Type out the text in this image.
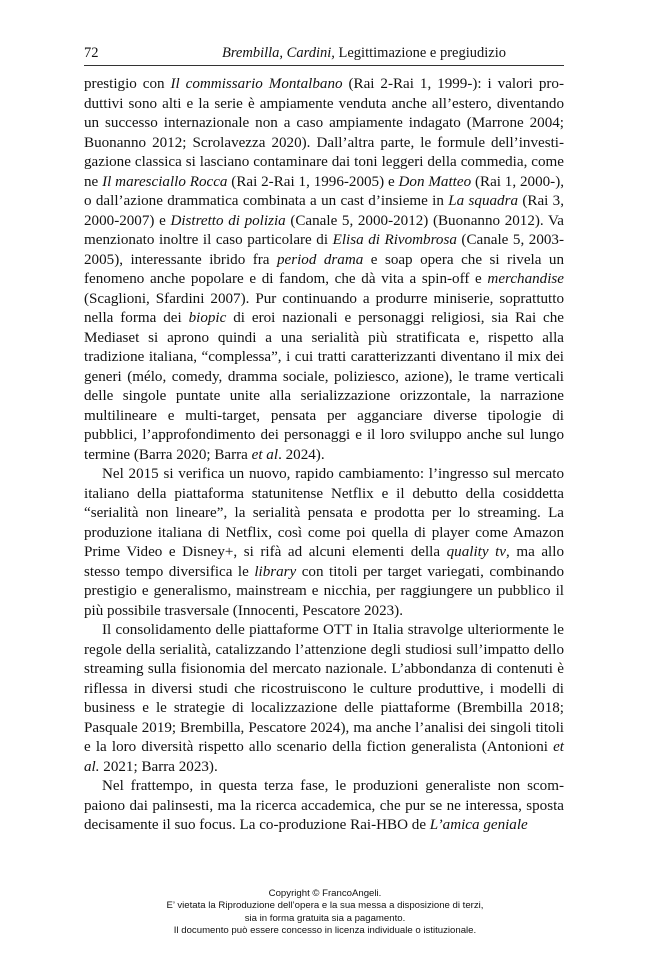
72	Brembilla, Cardini, Legittimazione e pregiudizio

prestigio con Il commissario Montalbano (Rai 2-Rai 1, 1999-): i valori produttivi sono alti e la serie è ampiamente venduta anche all’estero, diventando un successo internazionale non a caso ampiamente indagato (Marrone 2004; Buonanno 2012; Scrolavezza 2020). Dall’altra parte, le formule dell’investigazione classica si lasciano contaminare dai toni leggeri della commedia, come ne Il maresciallo Rocca (Rai 2-Rai 1, 1996-2005) e Don Matteo (Rai 1, 2000-), o dall’azione drammatica combinata a un cast d’insieme in La squadra (Rai 3, 2000-2007) e Distretto di polizia (Canale 5, 2000-2012) (Buonanno 2012). Va menzionato inoltre il caso particolare di Elisa di Rivombrosa (Canale 5, 2003-2005), interessante ibrido fra period drama e soap opera che si rivela un fenomeno anche popolare e di fandom, che dà vita a spin-off e merchandise (Scaglioni, Sfardini 2007). Pur continuando a produrre miniserie, soprattutto nella forma dei biopic di eroi nazionali e personaggi religiosi, sia Rai che Mediaset si aprono quindi a una serialità più stratificata e, rispetto alla tradizione italiana, “complessa”, i cui tratti caratterizzanti diventano il mix dei generi (mélo, comedy, dramma sociale, poliziesco, azione), le trame verticali delle singole puntate unite alla serializzazione orizzontale, la narrazione multilineare e multi-target, pensata per agganciare diverse tipologie di pubblici, l’approfondimento dei personaggi e il loro sviluppo anche sul lungo termine (Barra 2020; Barra et al. 2024).

Nel 2015 si verifica un nuovo, rapido cambiamento: l’ingresso sul mercato italiano della piattaforma statunitense Netflix e il debutto della cosiddetta “serialità non lineare”, la serialità pensata e prodotta per lo streaming. La produzione italiana di Netflix, così come poi quella di player come Amazon Prime Video e Disney+, si rifà ad alcuni elementi della quality tv, ma allo stesso tempo diversifica le library con titoli per target variegati, combinando prestigio e generalismo, mainstream e nicchia, per raggiungere un pubblico il più possibile trasversale (Innocenti, Pescatore 2023).

Il consolidamento delle piattaforme OTT in Italia stravolge ulteriormente le regole della serialità, catalizzando l’attenzione degli studiosi sull’impatto dello streaming sulla fisionomia del mercato nazionale. L’abbondanza di contenuti è riflessa in diversi studi che ricostruiscono le culture produttive, i modelli di business e le strategie di localizzazione delle piattaforme (Brembilla 2018; Pasquale 2019; Brembilla, Pescatore 2024), ma anche l’analisi dei singoli titoli e la loro diversità rispetto allo scenario della fiction generalista (Antonioni et al. 2021; Barra 2023).

Nel frattempo, in questa terza fase, le produzioni generaliste non scompaiono dai palinsesti, ma la ricerca accademica, che pur se ne interessa, sposta decisamente il suo focus. La co-produzione Rai-HBO de L’amica geniale

Copyright © FrancoAngeli.
E’ vietata la Riproduzione dell’opera e la sua messa a disposizione di terzi,
sia in forma gratuita sia a pagamento.
Il documento può essere concesso in licenza individuale o istituzionale.
